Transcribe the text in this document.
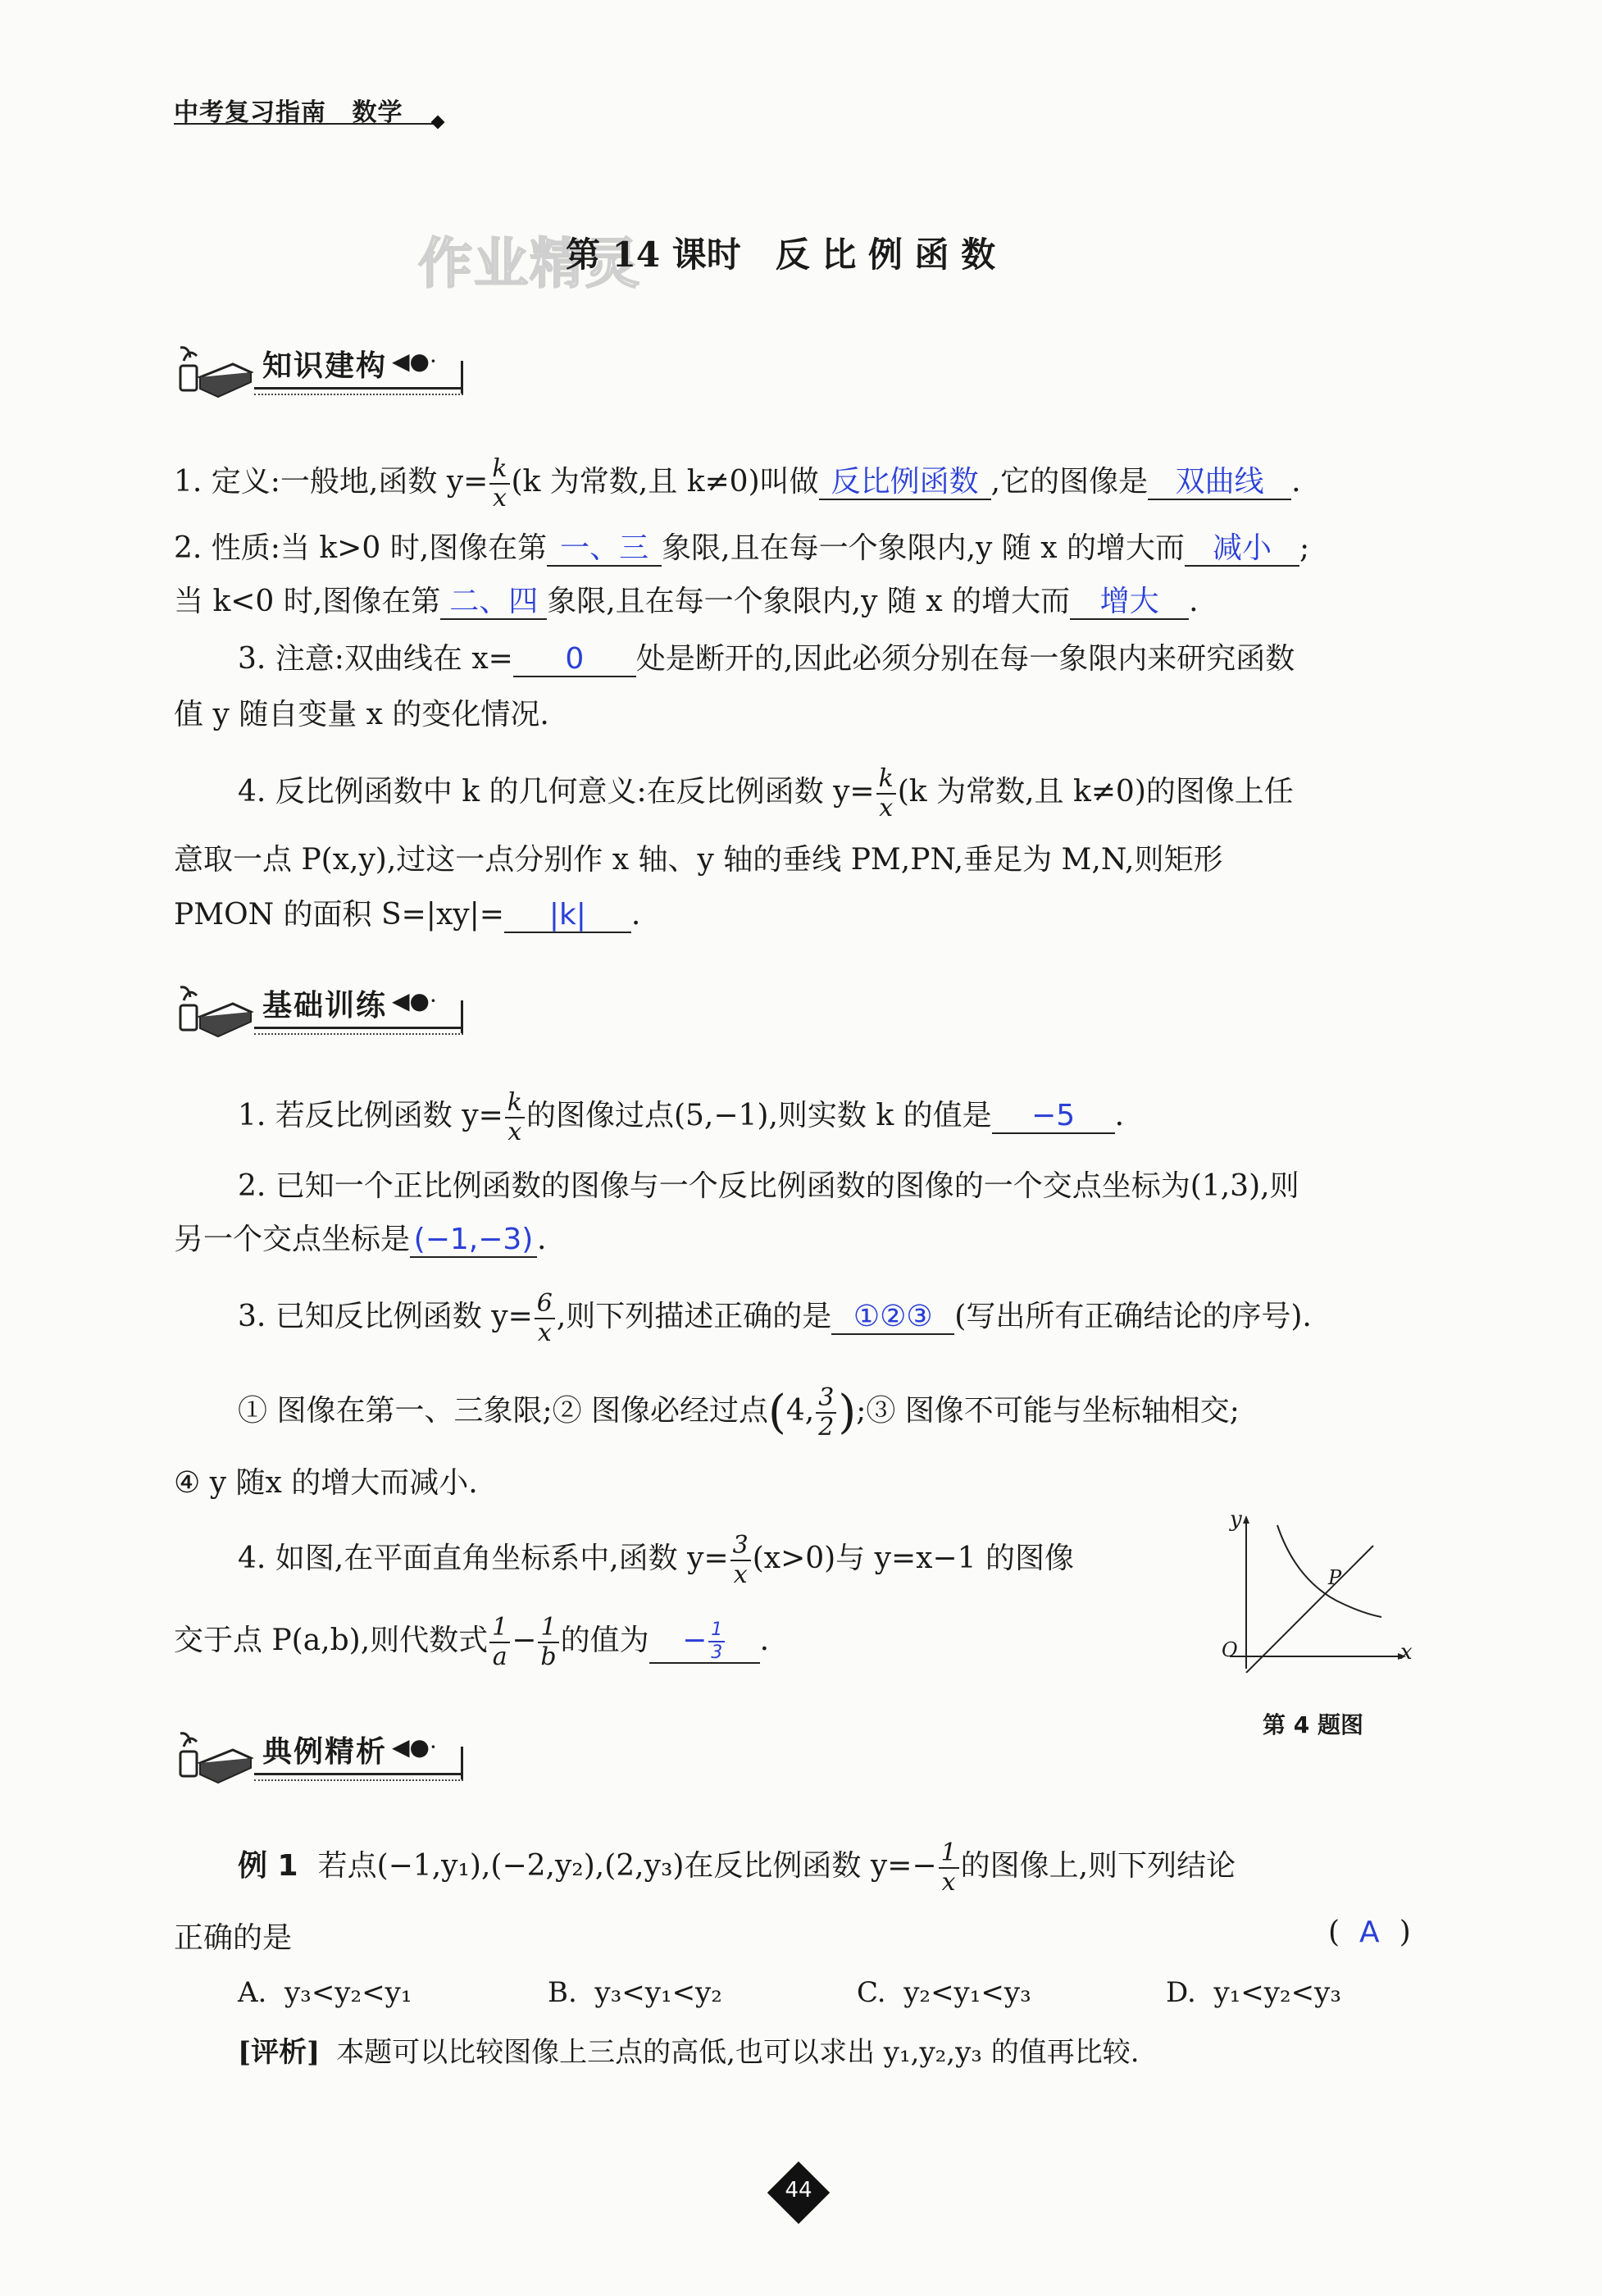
中考复习指南 数学
作业精灵
第 14 课时　反 比 例 函 数
知识建构 ◀●·
1. 定义:一般地,函数 $y= \frac{k}{x} (k$ 为常数,且 k≠0)叫做 反比例函数 ,它的图像是 双曲线 .
2. 性质:当 k>0 时,图像在第 一、三 象限,且在每一个象限内,y 随 x 的增大而 减小 ;
当 k<0 时,图像在第 二、四 象限,且在每一个象限内,y 随 x 的增大而 增大 .
3. 注意:双曲线在 x= 0 处是断开的,因此必须分别在每一象限内来研究函数
值 y 随自变量 x 的变化情况.
4. 反比例函数中 k 的几何意义:在反比例函数 $y= \frac{k}{x} (k$ 为常数,且 k≠0)的图像上任
意取一点 P(x,y),过这一点分别作 x 轴、y 轴的垂线 PM,PN,垂足为 M,N,则矩形
PMON 的面积 S=|xy|= |k| .
基础训练 ◀●·
1. 若反比例函数 $y= \frac{k}{x}$ 的图像过点(5,−1),则实数 k 的值是 −5 .
2. 已知一个正比例函数的图像与一个反比例函数的图像的一个交点坐标为(1,3),则
另一个交点坐标是 (−1,−3) .
3. 已知反比例函数 $y= \frac{6}{x}$ ,则下列描述正确的是 ①②③ (写出所有正确结论的序号).
① 图像在第一、三象限;② 图像必经过点(4, $\frac{3}{2}$ );③ 图像不可能与坐标轴相交;
④ y 随x 的增大而减小.
4. 如图,在平面直角坐标系中,函数 $y= \frac{3}{x} (x>0)$与 y=x−1 的图像
交于点 P(a,b),则代数式 $\frac{1}{a} - \frac{1}{b}$ 的值为 − $\frac{1}{3}$ .
y
x
O
P
第 4 题图
典例精析 ◀●·
例 1 若点(−1,y₁),(−2,y₂),(2,y₃)在反比例函数 $y=- \frac{1}{x}$ 的图像上,则下列结论
正确的是	( A )
A.  y₃<y₂<y₁	B.  y₃<y₁<y₂	C.  y₂<y₁<y₃	D.  y₁<y₂<y₃
[评析] 本题可以比较图像上三点的高低,也可以求出 y₁,y₂,y₃ 的值再比较.
44
